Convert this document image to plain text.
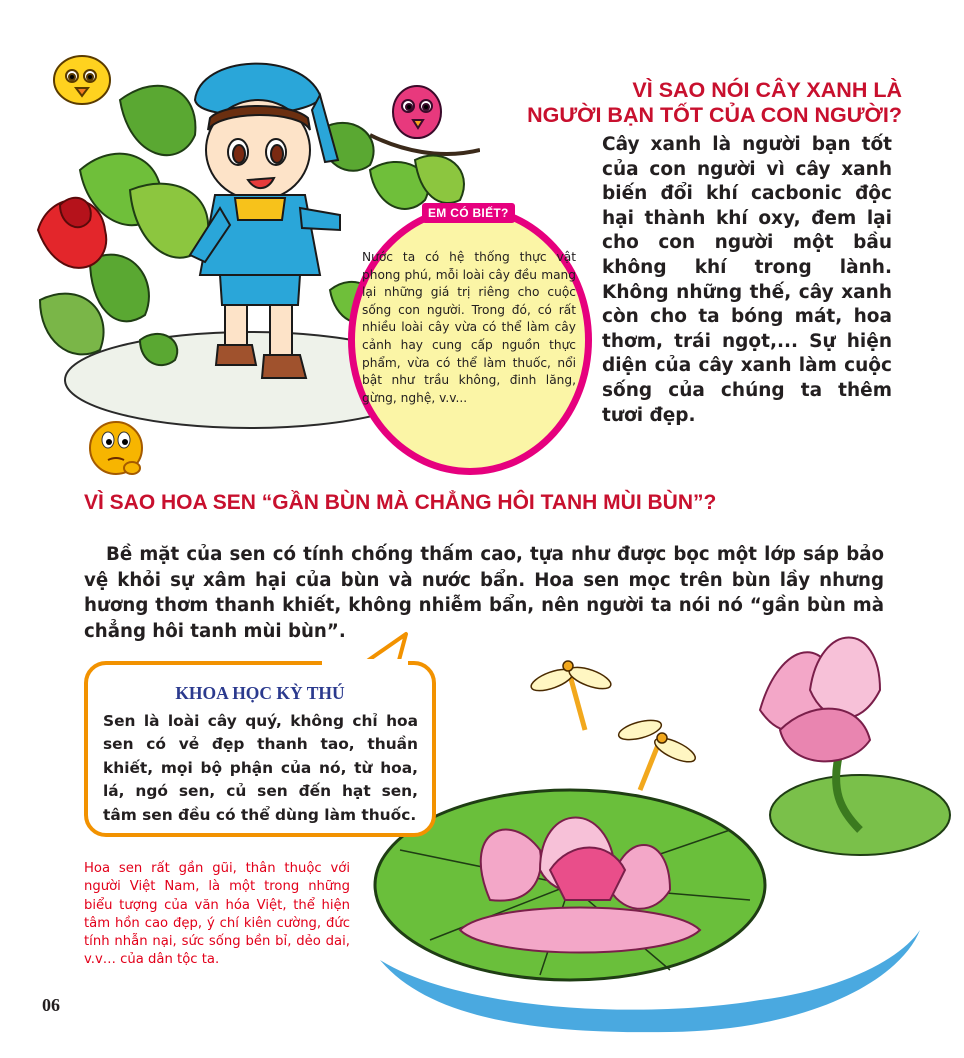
VÌ SAO NÓI CÂY XANH LÀ
NGƯỜI BẠN TỐT CỦA CON NGƯỜI?
Cây xanh là người bạn tốt của con người vì cây xanh biến đổi khí cacbonic độc hại thành khí oxy, đem lại cho con người một bầu không khí trong lành. Không những thế, cây xanh còn cho ta bóng mát, hoa thơm, trái ngọt,... Sự hiện diện của cây xanh làm cuộc sống của chúng ta thêm tươi đẹp.
EM CÓ BIẾT?
Nước ta có hệ thống thực vật phong phú, mỗi loài cây đều mang lại những giá trị riêng cho cuộc sống con người. Trong đó, có rất nhiều loài cây vừa có thể làm cây cảnh hay cung cấp nguồn thực phẩm, vừa có thể làm thuốc, nổi bật như trầu không, đinh lăng, gừng, nghệ, v.v...
VÌ SAO HOA SEN “GẦN BÙN MÀ CHẲNG HÔI TANH MÙI BÙN”?
Bề mặt của sen có tính chống thấm cao, tựa như được bọc một lớp sáp bảo vệ khỏi sự xâm hại của bùn và nước bẩn. Hoa sen mọc trên bùn lầy nhưng hương thơm thanh khiết, không nhiễm bẩn, nên người ta nói nó “gần bùn mà chẳng hôi tanh mùi bùn”.
KHOA HỌC KỲ THÚ
Sen là loài cây quý, không chỉ hoa sen có vẻ đẹp thanh tao, thuần khiết, mọi bộ phận của nó, từ hoa, lá, ngó sen, củ sen đến hạt sen, tâm sen đều có thể dùng làm thuốc.
Hoa sen rất gần gũi, thân thuộc với người Việt Nam, là một trong những biểu tượng của văn hóa Việt, thể hiện tâm hồn cao đẹp, ý chí kiên cường, đức tính nhẫn nại, sức sống bền bỉ, dẻo dai, v.v… của dân tộc ta.
06
